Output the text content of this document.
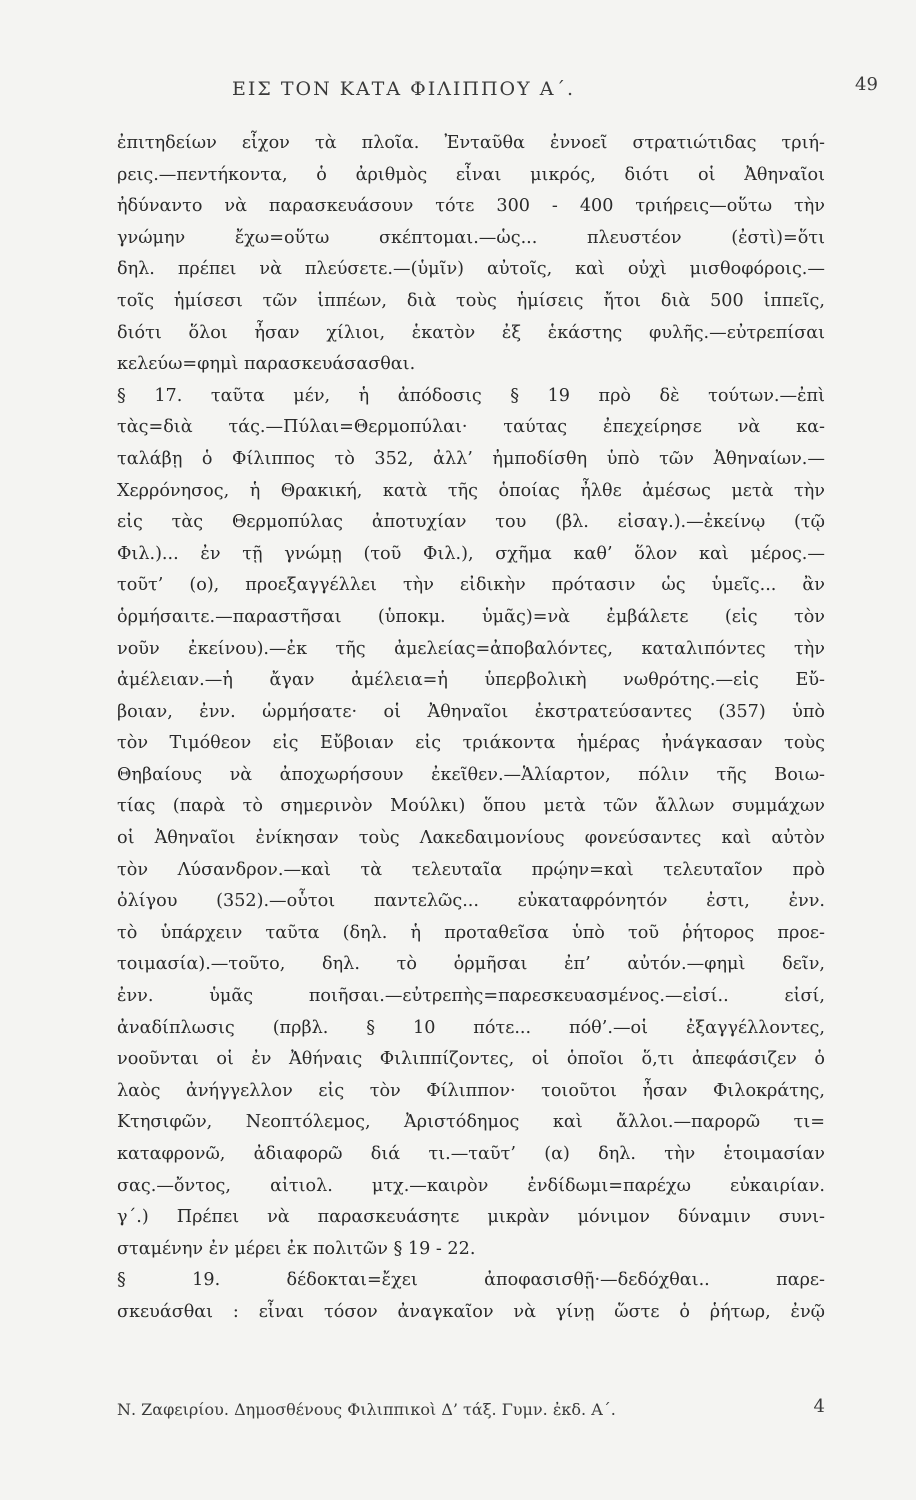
ΕΙΣ ΤΟΝ ΚΑΤΑ ΦΙΛΙΠΠΟΥ Α΄.	49
ἐπιτηδείων εἶχον τὰ πλοῖα. Ἐνταῦθα ἐννοεῖ στρατιώτιδας τριή-
ρεις.—πεντήκοντα, ὁ ἀριθμὸς εἶναι μικρός, διότι οἱ Ἀθηναῖοι
ἠδύναντο νὰ παρασκευάσουν τότε 300 - 400 τριήρεις—οὕτω τὴν
γνώμην ἔχω=οὕτω σκέπτομαι.—ὡς... πλευστέον (ἐστὶ)=ὅτι
δηλ. πρέπει νὰ πλεύσετε.—(ὑμῖν) αὐτοῖς, καὶ οὐχὶ μισθοφόροις.—
τοῖς ἡμίσεσι τῶν ἱππέων, διὰ τοὺς ἡμίσεις ἤτοι διὰ 500 ἱππεῖς,
διότι ὅλοι ἦσαν χίλιοι, ἑκατὸν ἐξ ἑκάστης φυλῆς.—εὐτρεπίσαι
κελεύω=φημὶ παρασκευάσασθαι.
§ 17. ταῦτα μέν, ἡ ἀπόδοσις § 19 πρὸ δὲ τούτων.—ἐπὶ
τὰς=διὰ τάς.—Πύλαι=Θερμοπύλαι· ταύτας ἐπεχείρησε νὰ κα-
ταλάβῃ ὁ Φίλιππος τὸ 352, ἀλλ’ ἠμποδίσθη ὑπὸ τῶν Ἀθηναίων.—
Χερρόνησος, ἡ Θρακική, κατὰ τῆς ὁποίας ἦλθε ἀμέσως μετὰ τὴν
εἰς τὰς Θερμοπύλας ἀποτυχίαν του (βλ. εἰσαγ.).—ἐκείνῳ (τῷ
Φιλ.)... ἐν τῇ γνώμῃ (τοῦ Φιλ.), σχῆμα καθ’ ὅλον καὶ μέρος.—
τοῦτ’ (ο), προεξαγγέλλει τὴν εἰδικὴν πρότασιν ὡς ὑμεῖς... ἂν
ὁρμήσαιτε.—παραστῆσαι (ὑποκμ. ὑμᾶς)=νὰ ἐμβάλετε (εἰς τὸν
νοῦν ἐκείνου).—ἐκ τῆς ἀμελείας=ἀποβαλόντες, καταλιπόντες τὴν
ἀμέλειαν.—ἡ ἄγαν ἀμέλεια=ἡ ὑπερβολικὴ νωθρότης.—εἰς Εὔ-
βοιαν, ἐνν. ὡρμήσατε· οἱ Ἀθηναῖοι ἐκστρατεύσαντες (357) ὑπὸ
τὸν Τιμόθεον εἰς Εὔβοιαν εἰς τριάκοντα ἡμέρας ἠνάγκασαν τοὺς
Θηβαίους νὰ ἀποχωρήσουν ἐκεῖθεν.—Ἁλίαρτον, πόλιν τῆς Βοιω-
τίας (παρὰ τὸ σημερινὸν Μούλκι) ὅπου μετὰ τῶν ἄλλων συμμάχων
οἱ Ἀθηναῖοι ἐνίκησαν τοὺς Λακεδαιμονίους φονεύσαντες καὶ αὐτὸν
τὸν Λύσανδρον.—καὶ τὰ τελευταῖα πρῴην=καὶ τελευταῖον πρὸ
ὀλίγου (352).—οὗτοι παντελῶς... εὐκαταφρόνητόν ἐστι, ἐνν.
τὸ ὑπάρχειν ταῦτα (δηλ. ἡ προταθεῖσα ὑπὸ τοῦ ῥήτορος προε-
τοιμασία).—τοῦτο, δηλ. τὸ ὁρμῆσαι ἐπ’ αὐτόν.—φημὶ δεῖν,
ἐνν. ὑμᾶς ποιῆσαι.—εὐτρεπὴς=παρεσκευασμένος.—εἰσί.. εἰσί,
ἀναδίπλωσις (πρβλ. § 10 πότε... πόθ’.—οἱ ἐξαγγέλλοντες,
νοοῦνται οἱ ἐν Ἀθήναις Φιλιππίζοντες, οἱ ὁποῖοι ὅ,τι ἀπεφάσιζεν ὁ
λαὸς ἀνήγγελλον εἰς τὸν Φίλιππον· τοιοῦτοι ἦσαν Φιλοκράτης,
Κτησιφῶν, Νεοπτόλεμος, Ἀριστόδημος καὶ ἄλλοι.—παρορῶ τι=
καταφρονῶ, ἀδιαφορῶ διά τι.—ταῦτ’ (α) δηλ. τὴν ἑτοιμασίαν
σας.—ὄντος, αἰτιολ. μτχ.—καιρὸν ἐνδίδωμι=παρέχω εὐκαιρίαν.
γ΄.) Πρέπει νὰ παρασκευάσητε μικρὰν μόνιμον δύναμιν συνι-
σταμένην ἐν μέρει ἐκ πολιτῶν § 19 - 22.
§ 19. δέδοκται=ἔχει ἀποφασισθῇ·—δεδόχθαι.. παρε-
σκευάσθαι : εἶναι τόσον ἀναγκαῖον νὰ γίνῃ ὥστε ὁ ῥήτωρ, ἐνῷ
Ν. Ζαφειρίου. Δημοσθένους Φιλιππικοὶ Δ’ τάξ. Γυμν. ἐκδ. Α΄.	4
